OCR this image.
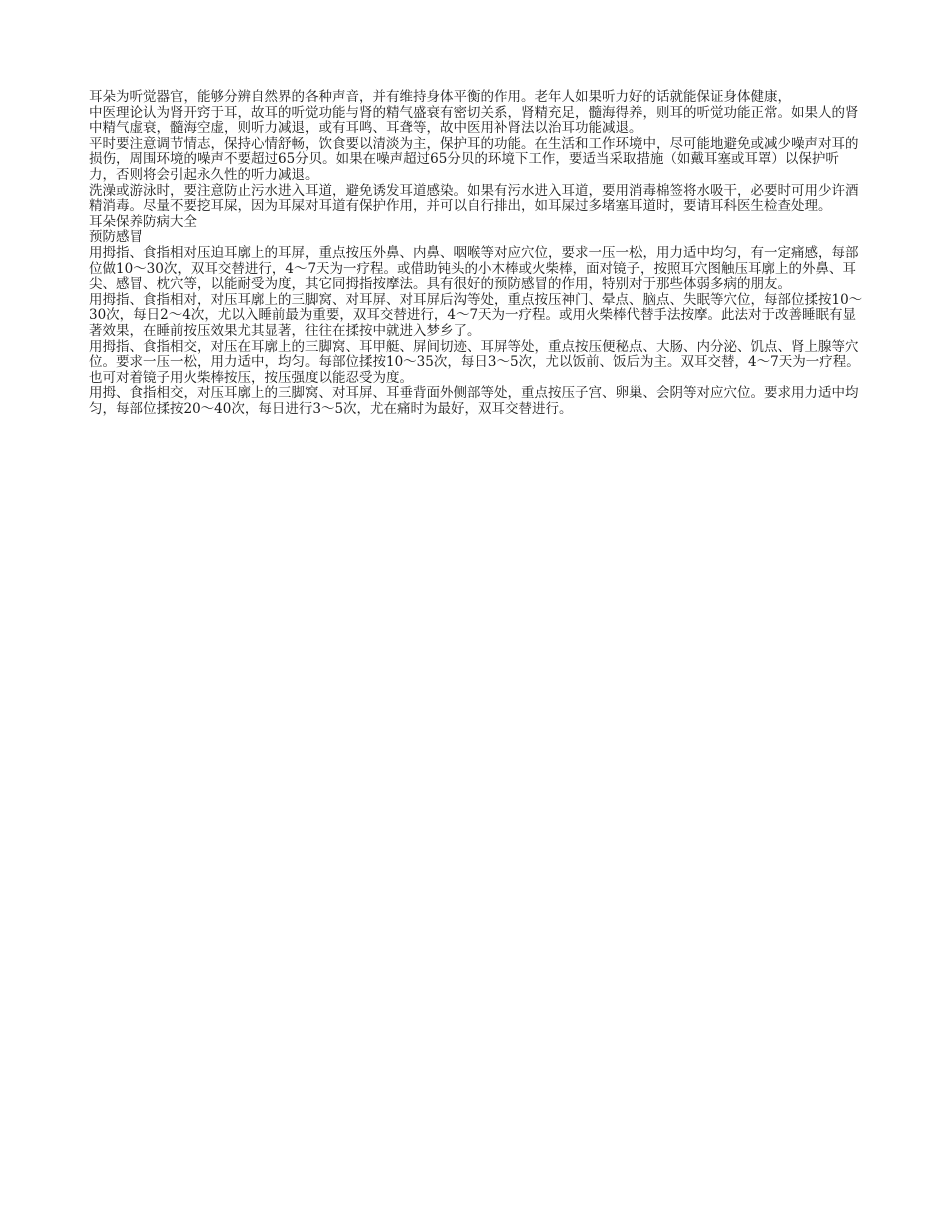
耳朵为听觉器官，能够分辨自然界的各种声音，并有维持身体平衡的作用。老年人如果听力好的话就能保证身体健康，

中医理论认为肾开窍于耳，故耳的听觉功能与肾的精气盛衰有密切关系，肾精充足，髓海得养，则耳的听觉功能正常。如果人的肾中精气虚衰，髓海空虚，则听力减退，或有耳鸣、耳聋等，故中医用补肾法以治耳功能减退。

平时要注意调节情志，保持心情舒畅，饮食要以清淡为主，保护耳的功能。在生活和工作环境中，尽可能地避免或减少噪声对耳的损伤，周围环境的噪声不要超过65分贝。如果在噪声超过65分贝的环境下工作，要适当采取措施（如戴耳塞或耳罩）以保护听力，否则将会引起永久性的听力减退。

洗澡或游泳时，要注意防止污水进入耳道，避免诱发耳道感染。如果有污水进入耳道，要用消毒棉签将水吸干，必要时可用少许酒精消毒。尽量不要挖耳屎，因为耳屎对耳道有保护作用，并可以自行排出，如耳屎过多堵塞耳道时，要请耳科医生检查处理。

耳朵保养防病大全

预防感冒

用拇指、食指相对压迫耳廓上的耳屏，重点按压外鼻、内鼻、咽喉等对应穴位，要求一压一松，用力适中均匀，有一定痛感，每部位做10～30次，双耳交替进行，4～7天为一疗程。或借助钝头的小木棒或火柴棒，面对镜子，按照耳穴图触压耳廓上的外鼻、耳尖、感冒、枕穴等，以能耐受为度，其它同拇指按摩法。具有很好的预防感冒的作用，特别对于那些体弱多病的朋友。

用拇指、食指相对，对压耳廓上的三脚窝、对耳屏、对耳屏后沟等处，重点按压神门、晕点、脑点、失眠等穴位，每部位揉按10～30次，每日2～4次，尤以入睡前最为重要，双耳交替进行，4～7天为一疗程。或用火柴棒代替手法按摩。此法对于改善睡眠有显著效果，在睡前按压效果尤其显著，往往在揉按中就进入梦乡了。

用拇指、食指相交，对压在耳廓上的三脚窝、耳甲艇、屏间切迹、耳屏等处，重点按压便秘点、大肠、内分泌、饥点、肾上腺等穴位。要求一压一松，用力适中，均匀。每部位揉按10～35次，每日3～5次，尤以饭前、饭后为主。双耳交替，4～7天为一疗程。也可对着镜子用火柴棒按压，按压强度以能忍受为度。

用拇、食指相交，对压耳廓上的三脚窝、对耳屏、耳垂背面外侧部等处，重点按压子宫、卵巢、会阴等对应穴位。要求用力适中均匀，每部位揉按20～40次，每日进行3～5次，尤在痛时为最好，双耳交替进行。
